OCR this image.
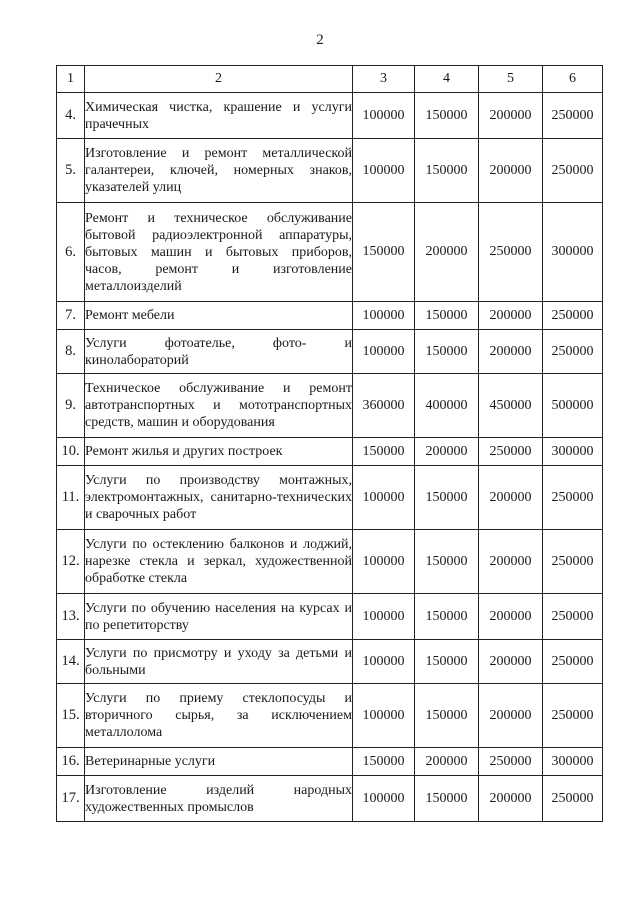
2
1	2	3	4	5	6
4.	Химическая чистка, крашение и услуги прачечных	100000	150000	200000	250000
5.	Изготовление и ремонт металлической галантереи, ключей, номерных знаков, указателей улиц	100000	150000	200000	250000
6.	Ремонт и техническое обслуживание бытовой радиоэлектронной аппаратуры, бытовых машин и бытовых приборов, часов, ремонт и изготовление металлоизделий	150000	200000	250000	300000
7.	Ремонт мебели	100000	150000	200000	250000
8.	Услуги фотоателье, фото- и кинолабораторий	100000	150000	200000	250000
9.	Техническое обслуживание и ремонт автотранспортных и мототранспортных средств, машин и оборудования	360000	400000	450000	500000
10.	Ремонт жилья и других построек	150000	200000	250000	300000
11.	Услуги по производству монтажных, электромонтажных, санитарно-технических и сварочных работ	100000	150000	200000	250000
12.	Услуги по остеклению балконов и лоджий, нарезке стекла и зеркал, художественной обработке стекла	100000	150000	200000	250000
13.	Услуги по обучению населения на курсах и по репетиторству	100000	150000	200000	250000
14.	Услуги по присмотру и уходу за детьми и больными	100000	150000	200000	250000
15.	Услуги по приему стеклопосуды и вторичного сырья, за исключением металлолома	100000	150000	200000	250000
16.	Ветеринарные услуги	150000	200000	250000	300000
17.	Изготовление изделий народных художественных промыслов	100000	150000	200000	250000
